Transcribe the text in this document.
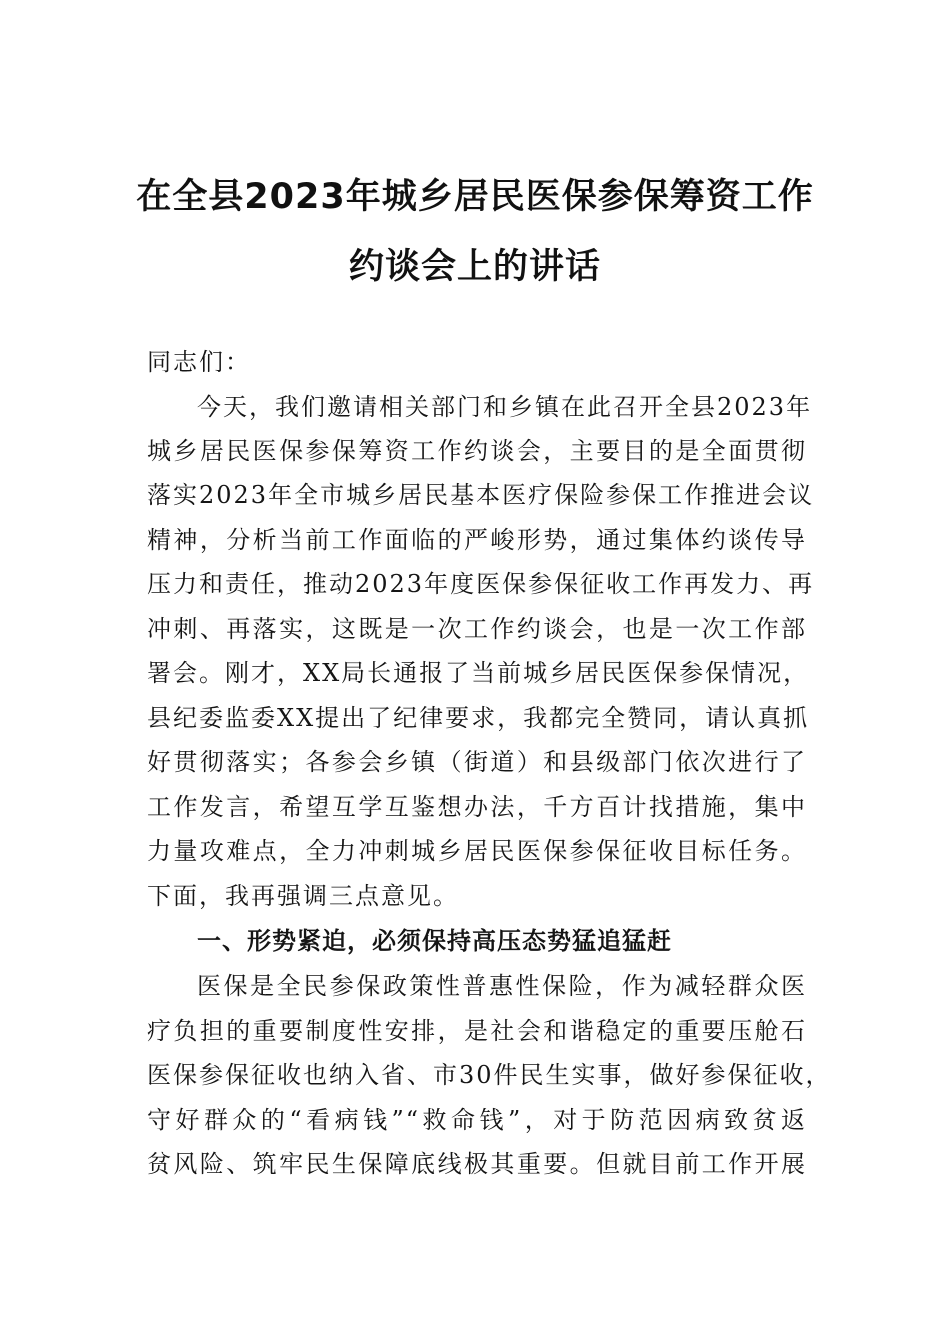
在全县2023年城乡居民医保参保筹资工作
约谈会上的讲话
同志们：
今天，我们邀请相关部门和乡镇在此召开全县2023年
城乡居民医保参保筹资工作约谈会，主要目的是全面贯彻
落实2023年全市城乡居民基本医疗保险参保工作推进会议
精神，分析当前工作面临的严峻形势，通过集体约谈传导
压力和责任，推动2023年度医保参保征收工作再发力、再
冲刺、再落实，这既是一次工作约谈会，也是一次工作部
署会。刚才，XX局长通报了当前城乡居民医保参保情况，
县纪委监委XX提出了纪律要求，我都完全赞同，请认真抓
好贯彻落实；各参会乡镇（街道）和县级部门依次进行了
工作发言，希望互学互鉴想办法，千方百计找措施，集中
力量攻难点，全力冲刺城乡居民医保参保征收目标任务。
下面，我再强调三点意见。
一、形势紧迫，必须保持高压态势猛追猛赶
医保是全民参保政策性普惠性保险，作为减轻群众医
疗负担的重要制度性安排，是社会和谐稳定的重要压舱石
医保参保征收也纳入省、市30件民生实事，做好参保征收，
守好群众的“看病钱”“救命钱”，对于防范因病致贫返
贫风险、筑牢民生保障底线极其重要。但就目前工作开展
